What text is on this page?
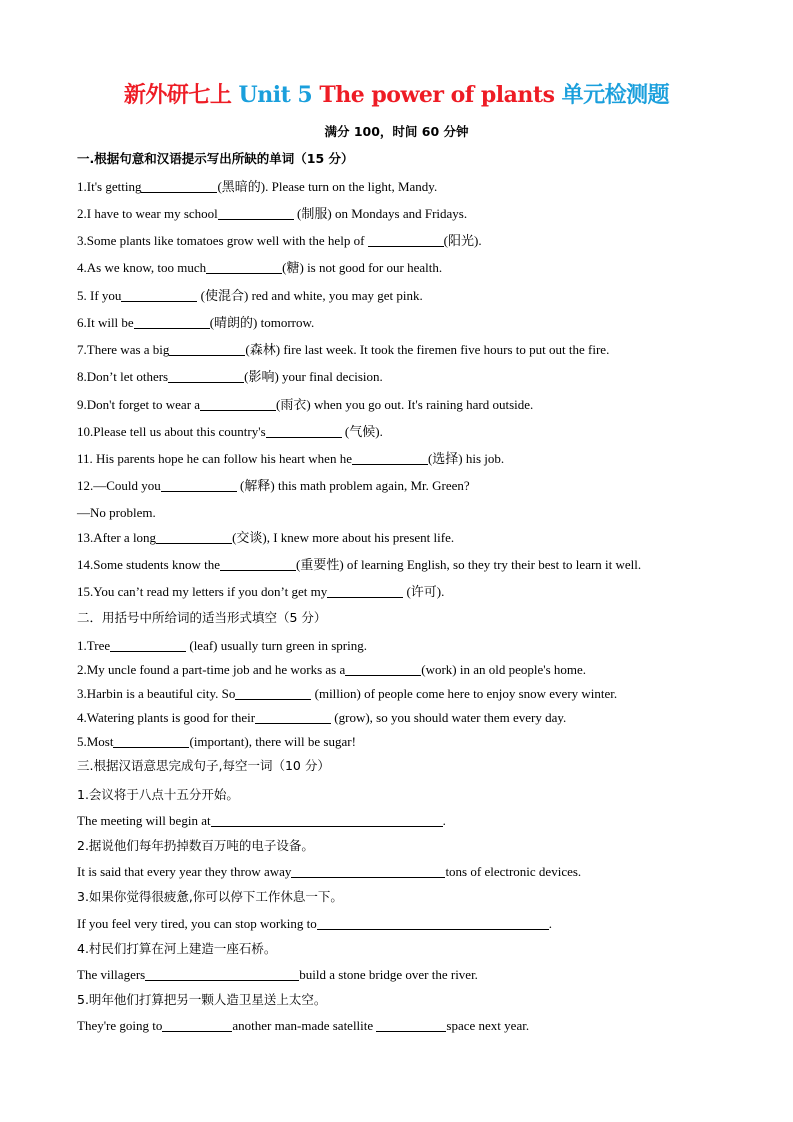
新外研七上 Unit 5 The power of plants 单元检测题
满分 100，时间 60 分钟
一.根据句意和汉语提示写出所缺的单词（15 分）
1.It's getting	(黑暗的). Please turn on the light, Mandy.
2.I have to wear my school	(制服) on Mondays and Fridays.
3.Some plants like tomatoes grow well with the help of	(阳光).
4.As we know, too much	(糖) is not good for our health.
5. If you	(使混合) red and white, you may get pink.
6.It will be	(晴朗的) tomorrow.
7.There was a big	(森林) fire last week. It took the firemen five hours to put out the fire.
8.Don’t let others	(影响) your final decision.
9.Don't forget to wear a	(雨衣) when you go out. It's raining hard outside.
10.Please tell us about this country's	(气候).
11. His parents hope he can follow his heart when he	(选择) his job.
12.—Could you	(解释) this math problem again, Mr. Green?
—No problem.
13.After a long	(交谈), I knew more about his present life.
14.Some students know the	(重要性) of learning English, so they try their best to learn it well.
15.You can’t read my letters if you don’t get my	(许可).
二．用括号中所给词的适当形式填空（5 分）
1.Tree	(leaf) usually turn green in spring.
2.My uncle found a part-time job and he works as a	(work) in an old people's home.
3.Harbin is a beautiful city. So	(million) of people come here to enjoy snow every winter.
4.Watering plants is good for their	(grow), so you should water them every day.
5.Most	(important), there will be sugar!
三.根据汉语意思完成句子,每空一词（10 分）
1.会议将于八点十五分开始。
The meeting will begin at	.
2.据说他们每年扔掉数百万吨的电子设备。
It is said that every year they throw away	tons of electronic devices.
3.如果你觉得很疲惫,你可以停下工作休息一下。
If you feel very tired, you can stop working to	.
4.村民们打算在河上建造一座石桥。
The villagers	build a stone bridge over the river.
5.明年他们打算把另一颗人造卫星送上太空。
They're going to	another man-made satellite	space next year.
